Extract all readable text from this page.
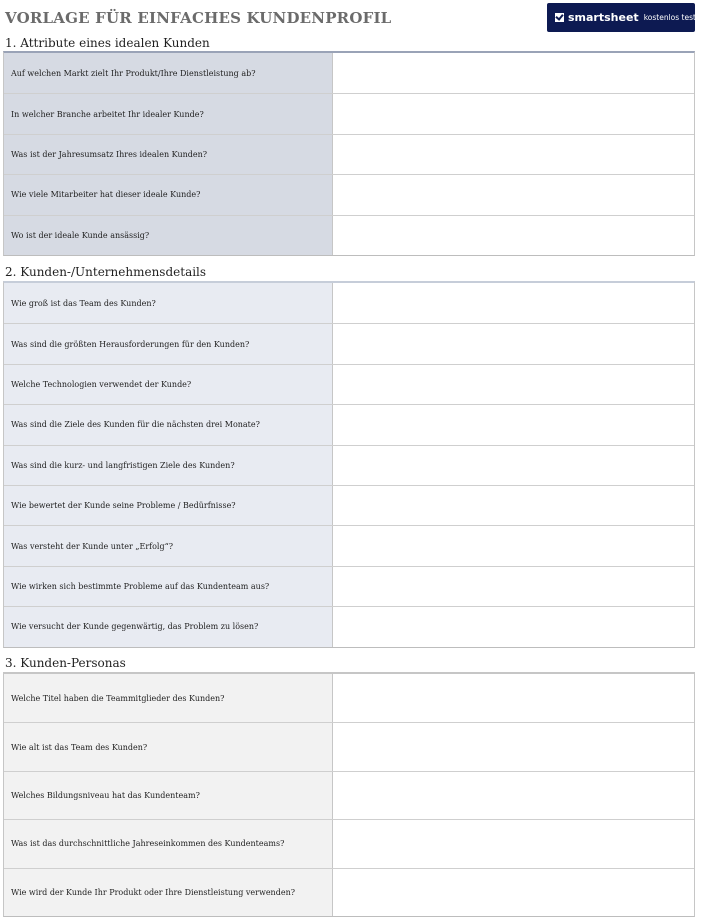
VORLAGE FÜR EINFACHES KUNDENPROFIL	smartsheet kostenlos testen
1. Attribute eines idealen Kunden
Auf welchen Markt zielt Ihr Produkt/Ihre Dienstleistung ab?
In welcher Branche arbeitet Ihr idealer Kunde?
Was ist der Jahresumsatz Ihres idealen Kunden?
Wie viele Mitarbeiter hat dieser ideale Kunde?
Wo ist der ideale Kunde ansässig?
2. Kunden-/Unternehmensdetails
Wie groß ist das Team des Kunden?
Was sind die größten Herausforderungen für den Kunden?
Welche Technologien verwendet der Kunde?
Was sind die Ziele des Kunden für die nächsten drei Monate?
Was sind die kurz- und langfristigen Ziele des Kunden?
Wie bewertet der Kunde seine Probleme / Bedürfnisse?
Was versteht der Kunde unter „Erfolg“?
Wie wirken sich bestimmte Probleme auf das Kundenteam aus?
Wie versucht der Kunde gegenwärtig, das Problem zu lösen?
3. Kunden-Personas
Welche Titel haben die Teammitglieder des Kunden?
Wie alt ist das Team des Kunden?
Welches Bildungsniveau hat das Kundenteam?
Was ist das durchschnittliche Jahreseinkommen des Kundenteams?
Wie wird der Kunde Ihr Produkt oder Ihre Dienstleistung verwenden?
